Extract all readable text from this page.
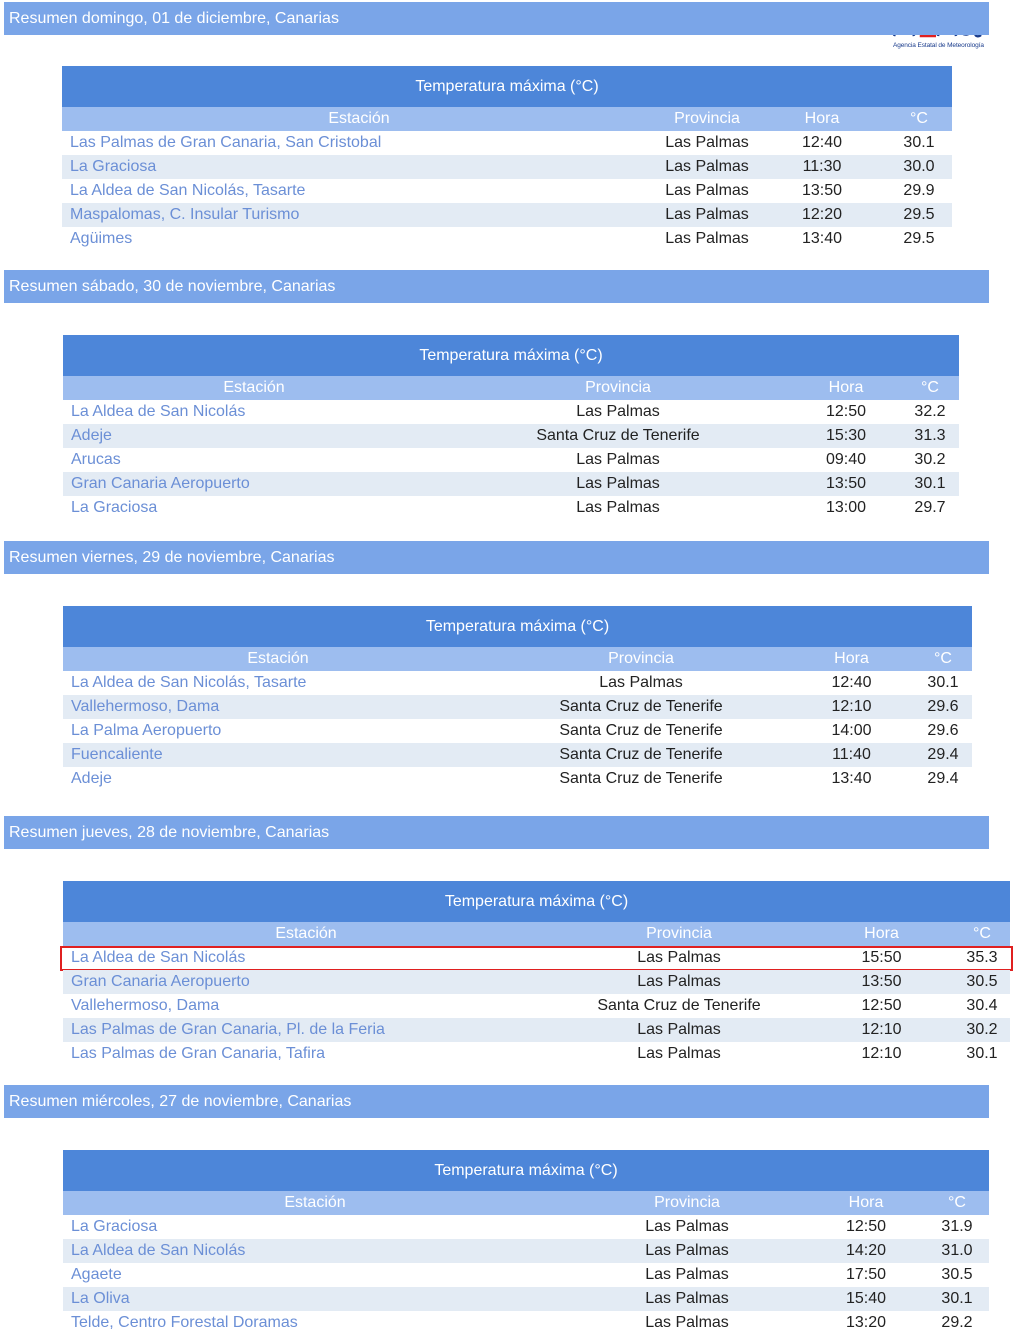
Agencia Estatal de Meteorología
Resumen domingo, 01 de diciembre, Canarias
Temperatura máxima (°C)
Estación	Provincia	Hora	°C
Las Palmas de Gran Canaria, San Cristobal	Las Palmas	12:40	30.1
La Graciosa	Las Palmas	11:30	30.0
La Aldea de San Nicolás, Tasarte	Las Palmas	13:50	29.9
Maspalomas, C. Insular Turismo	Las Palmas	12:20	29.5
Agüimes	Las Palmas	13:40	29.5
Resumen sábado, 30 de noviembre, Canarias
Temperatura máxima (°C)
Estación	Provincia	Hora	°C
La Aldea de San Nicolás	Las Palmas	12:50	32.2
Adeje	Santa Cruz de Tenerife	15:30	31.3
Arucas	Las Palmas	09:40	30.2
Gran Canaria Aeropuerto	Las Palmas	13:50	30.1
La Graciosa	Las Palmas	13:00	29.7
Resumen viernes, 29 de noviembre, Canarias
Temperatura máxima (°C)
Estación	Provincia	Hora	°C
La Aldea de San Nicolás, Tasarte	Las Palmas	12:40	30.1
Vallehermoso, Dama	Santa Cruz de Tenerife	12:10	29.6
La Palma Aeropuerto	Santa Cruz de Tenerife	14:00	29.6
Fuencaliente	Santa Cruz de Tenerife	11:40	29.4
Adeje	Santa Cruz de Tenerife	13:40	29.4
Resumen jueves, 28 de noviembre, Canarias
Temperatura máxima (°C)
Estación	Provincia	Hora	°C
La Aldea de San Nicolás	Las Palmas	15:50	35.3
Gran Canaria Aeropuerto	Las Palmas	13:50	30.5
Vallehermoso, Dama	Santa Cruz de Tenerife	12:50	30.4
Las Palmas de Gran Canaria, Pl. de la Feria	Las Palmas	12:10	30.2
Las Palmas de Gran Canaria, Tafira	Las Palmas	12:10	30.1
Resumen miércoles, 27 de noviembre, Canarias
Temperatura máxima (°C)
Estación	Provincia	Hora	°C
La Graciosa	Las Palmas	12:50	31.9
La Aldea de San Nicolás	Las Palmas	14:20	31.0
Agaete	Las Palmas	17:50	30.5
La Oliva	Las Palmas	15:40	30.1
Telde, Centro Forestal Doramas	Las Palmas	13:20	29.2
